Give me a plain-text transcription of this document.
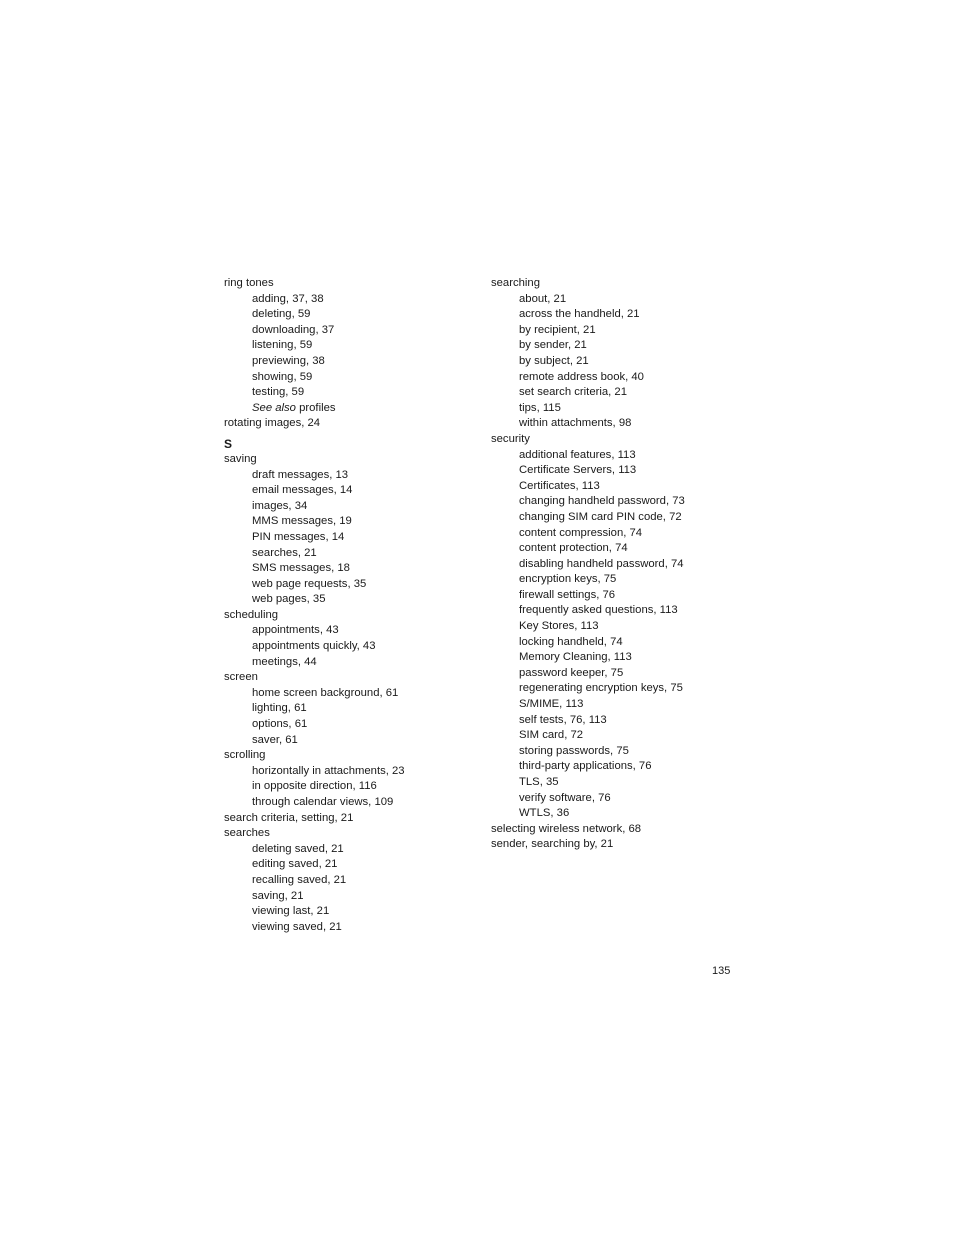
ring tones
adding, 37, 38
deleting, 59
downloading, 37
listening, 59
previewing, 38
showing, 59
testing, 59
See also profiles
rotating images, 24
S
saving
draft messages, 13
email messages, 14
images, 34
MMS messages, 19
PIN messages, 14
searches, 21
SMS messages, 18
web page requests, 35
web pages, 35
scheduling
appointments, 43
appointments quickly, 43
meetings, 44
screen
home screen background, 61
lighting, 61
options, 61
saver, 61
scrolling
horizontally in attachments, 23
in opposite direction, 116
through calendar views, 109
search criteria, setting, 21
searches
deleting saved, 21
editing saved, 21
recalling saved, 21
saving, 21
viewing last, 21
viewing saved, 21
searching
about, 21
across the handheld, 21
by recipient, 21
by sender, 21
by subject, 21
remote address book, 40
set search criteria, 21
tips, 115
within attachments, 98
security
additional features, 113
Certificate Servers, 113
Certificates, 113
changing handheld password, 73
changing SIM card PIN code, 72
content compression, 74
content protection, 74
disabling handheld password, 74
encryption keys, 75
firewall settings, 76
frequently asked questions, 113
Key Stores, 113
locking handheld, 74
Memory Cleaning, 113
password keeper, 75
regenerating encryption keys, 75
S/MIME, 113
self tests, 76, 113
SIM card, 72
storing passwords, 75
third-party applications, 76
TLS, 35
verify software, 76
WTLS, 36
selecting wireless network, 68
sender, searching by, 21
135
